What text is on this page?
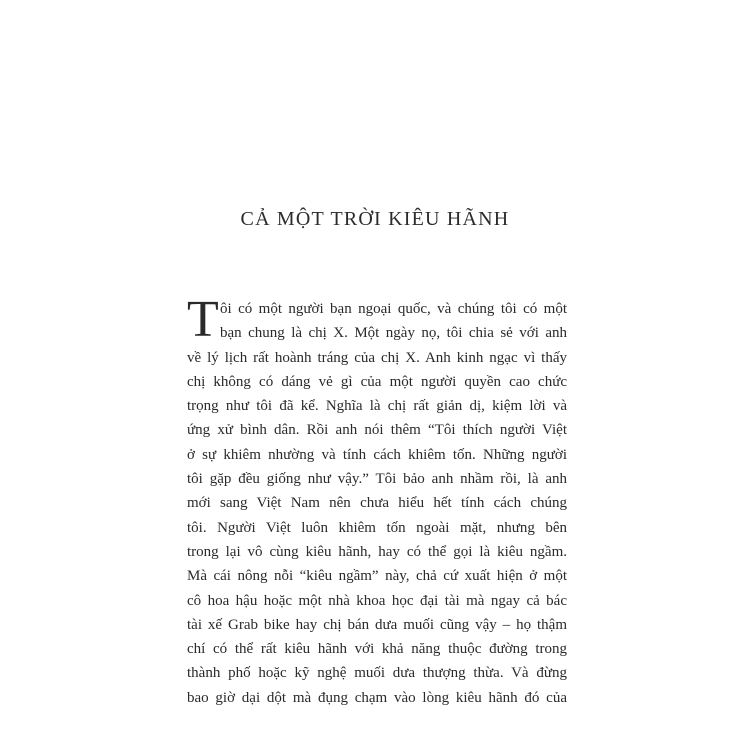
CẢ MỘT TRỜI KIÊU HÃNH
T ôi có một người bạn ngoại quốc, và chúng tôi có một
bạn chung là chị X. Một ngày nọ, tôi chia sẻ với anh
về lý lịch rất hoành tráng của chị X. Anh kinh ngạc vì thấy
chị không có dáng vẻ gì của một người quyền cao chức
trọng như tôi đã kể. Nghĩa là chị rất giản dị, kiệm lời và
ứng xử bình dân. Rồi anh nói thêm “Tôi thích người Việt
ở sự khiêm nhường và tính cách khiêm tốn. Những người
tôi gặp đều giống như vậy.” Tôi bảo anh nhầm rồi, là anh
mới sang Việt Nam nên chưa hiểu hết tính cách chúng
tôi. Người Việt luôn khiêm tốn ngoài mặt, nhưng bên
trong lại vô cùng kiêu hãnh, hay có thể gọi là kiêu ngầm.
Mà cái nông nỗi “kiêu ngầm” này, chả cứ xuất hiện ở một
cô hoa hậu hoặc một nhà khoa học đại tài mà ngay cả bác
tài xế Grab bike hay chị bán dưa muối cũng vậy – họ thậm
chí có thể rất kiêu hãnh với khả năng thuộc đường trong
thành phố hoặc kỹ nghệ muối dưa thượng thừa. Và đừng
bao giờ dại dột mà đụng chạm vào lòng kiêu hãnh đó của
